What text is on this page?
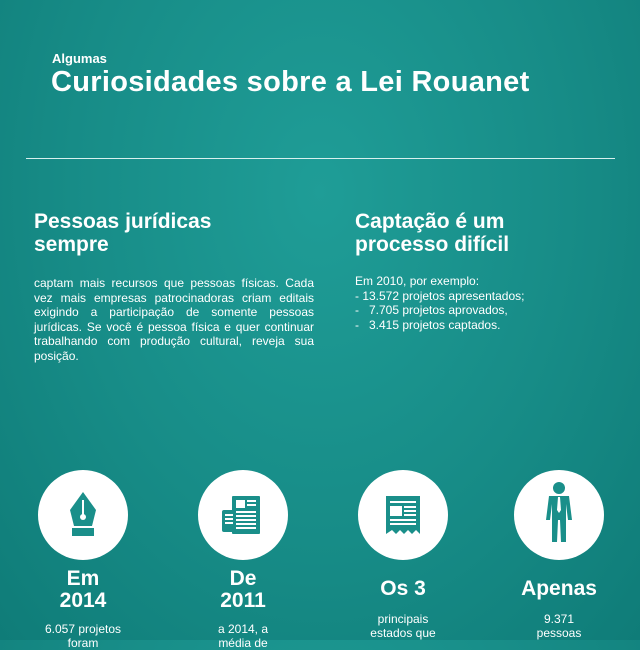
Algumas
Curiosidades sobre a Lei Rouanet
Pessoas jurídicas
sempre
captam mais recursos que pessoas físicas. Cada vez mais empresas patrocinadoras criam editais exigindo a participação de somente pessoas jurídicas. Se você é pessoa física e quer continuar trabalhando com produção cultural, reveja sua posição.
Captação é um
processo difícil
Em 2010, por exemplo:
- 13.572 projetos apresentados;
-   7.705 projetos aprovados,
-   3.415 projetos captados.
Em
2014
6.057 projetos
foram
De
2011
a 2014, a
média de
Os 3
principais
estados que
Apenas
9.371
pessoas
